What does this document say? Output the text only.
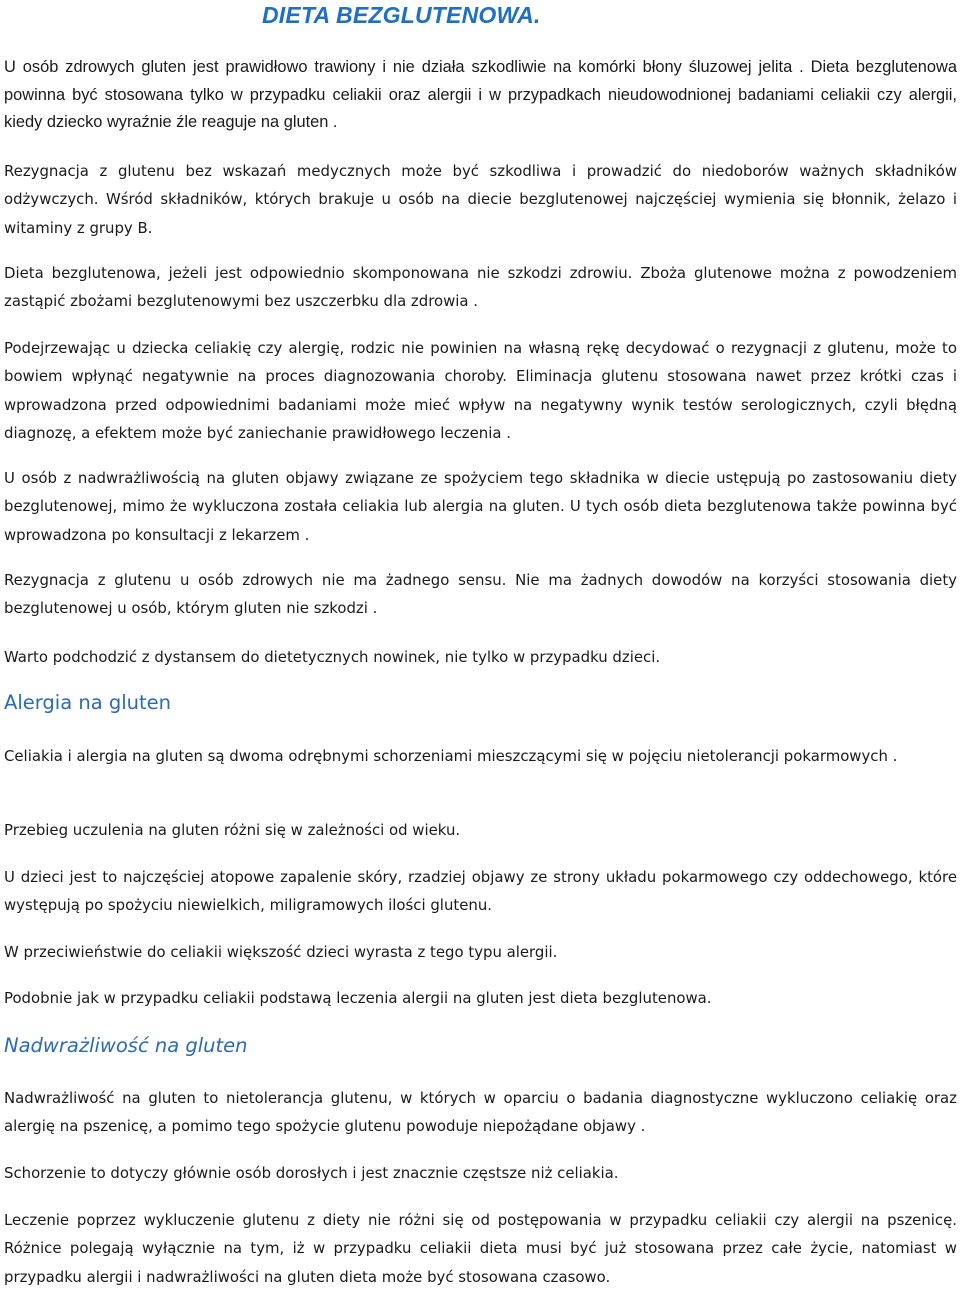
DIETA BEZGLUTENOWA.

U osób zdrowych gluten jest prawidłowo trawiony i nie działa szkodliwie na komórki błony śluzowej jelita . Dieta bezglutenowa powinna być stosowana tylko w przypadku celiakii oraz alergii i w przypadkach nieudowodnionej badaniami celiakii czy alergii, kiedy dziecko wyraźnie źle reaguje na gluten .

Rezygnacja z glutenu bez wskazań medycznych może być szkodliwa i prowadzić do niedoborów ważnych składników odżywczych. Wśród składników, których brakuje u osób na diecie bezglutenowej najczęściej wymienia się błonnik, żelazo i witaminy z grupy B.

Dieta bezglutenowa, jeżeli jest odpowiednio skomponowana nie szkodzi zdrowiu. Zboża glutenowe można z powodzeniem zastąpić zbożami bezglutenowymi bez uszczerbku dla zdrowia .

Podejrzewając u dziecka celiakię czy alergię, rodzic nie powinien na własną rękę decydować o rezygnacji z glutenu, może to bowiem wpłynąć negatywnie na proces diagnozowania choroby. Eliminacja glutenu stosowana nawet przez krótki czas i wprowadzona przed odpowiednimi badaniami może mieć wpływ na negatywny wynik testów serologicznych, czyli błędną diagnozę, a efektem może być zaniechanie prawidłowego leczenia .

U osób z nadwrażliwością na gluten objawy związane ze spożyciem tego składnika w diecie ustępują po zastosowaniu diety bezglutenowej, mimo że wykluczona została celiakia lub alergia na gluten. U tych osób dieta bezglutenowa także powinna być wprowadzona po konsultacji z lekarzem .

Rezygnacja z glutenu u osób zdrowych nie ma żadnego sensu. Nie ma żadnych dowodów na korzyści stosowania diety bezglutenowej u osób, którym gluten nie szkodzi .

Warto podchodzić z dystansem do dietetycznych nowinek, nie tylko w przypadku dzieci.

Alergia na gluten

Celiakia i alergia na gluten są dwoma odrębnymi schorzeniami mieszczącymi się w pojęciu nietolerancji pokarmowych .

Przebieg uczulenia na gluten różni się w zależności od wieku.

U dzieci jest to najczęściej atopowe zapalenie skóry, rzadziej objawy ze strony układu pokarmowego czy oddechowego, które występują po spożyciu niewielkich, miligramowych ilości glutenu.

W przeciwieństwie do celiakii większość dzieci wyrasta z tego typu alergii.

Podobnie jak w przypadku celiakii podstawą leczenia alergii na gluten jest dieta bezglutenowa.

Nadwrażliwość na gluten

Nadwrażliwość na gluten to nietolerancja glutenu, w których w oparciu o badania diagnostyczne wykluczono celiakię oraz alergię na pszenicę, a pomimo tego spożycie glutenu powoduje niepożądane objawy .

Schorzenie to dotyczy głównie osób dorosłych i jest znacznie częstsze niż celiakia.

Leczenie poprzez wykluczenie glutenu z diety nie różni się od postępowania w przypadku celiakii czy alergii na pszenicę. Różnice polegają wyłącznie na tym, iż w przypadku celiakii dieta musi być już stosowana przez całe życie, natomiast w przypadku alergii i nadwrażliwości na gluten dieta może być stosowana czasowo.
